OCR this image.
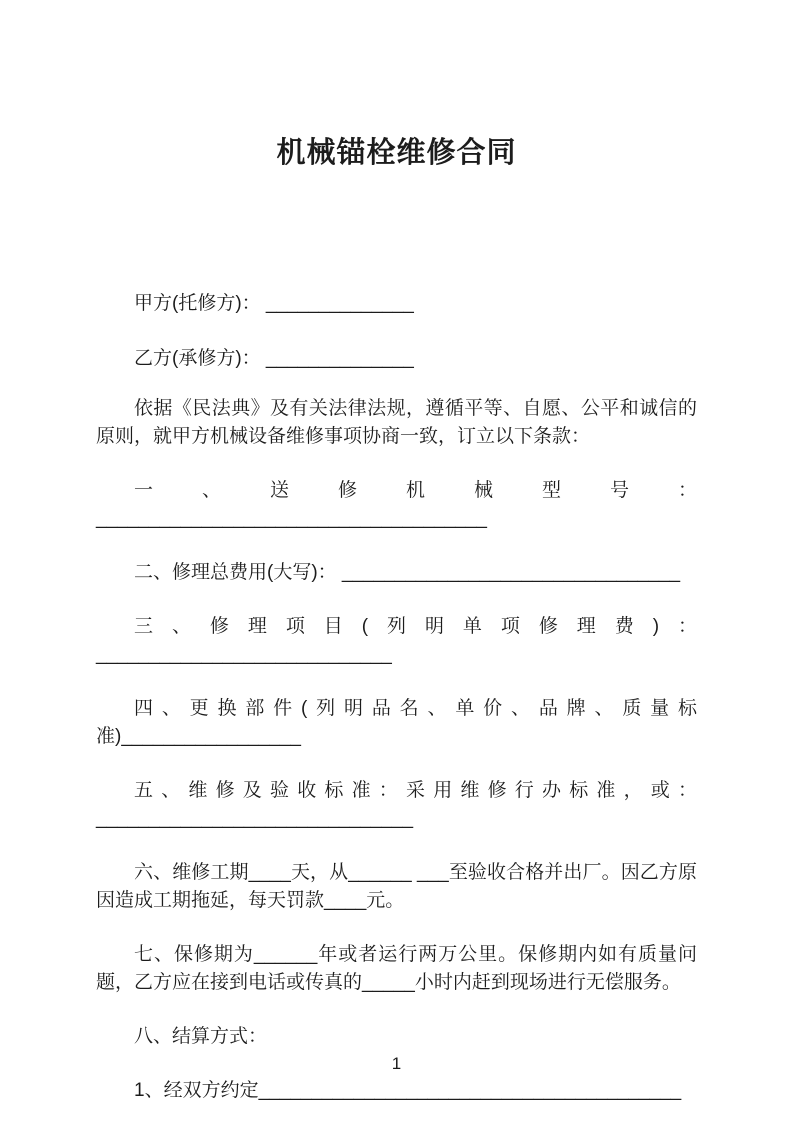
机械锚栓维修合同

甲方(托修方)： ______________

乙方(承修方)： ______________

依据《民法典》及有关法律法规，遵循平等、自愿、公平和诚信的原则，就甲方机械设备维修事项协商一致，订立以下条款：

一、送修机械型号： _____________________________________

二、修理总费用(大写)： ________________________________

三、修理项目(列明单项修理费)： ____________________________

四、更换部件(列明品名、单价、品牌、质量标准)_________________

五、维修及验收标准：采用维修行办标准，或： ______________________________

六、维修工期____天，从______ ___至验收合格并出厂。因乙方原因造成工期拖延，每天罚款____元。

七、保修期为______年或者运行两万公里。保修期内如有质量问题，乙方应在接到电话或传真的_____小时内赶到现场进行无偿服务。

八、结算方式：

1、经双方约定________________________________________

1
